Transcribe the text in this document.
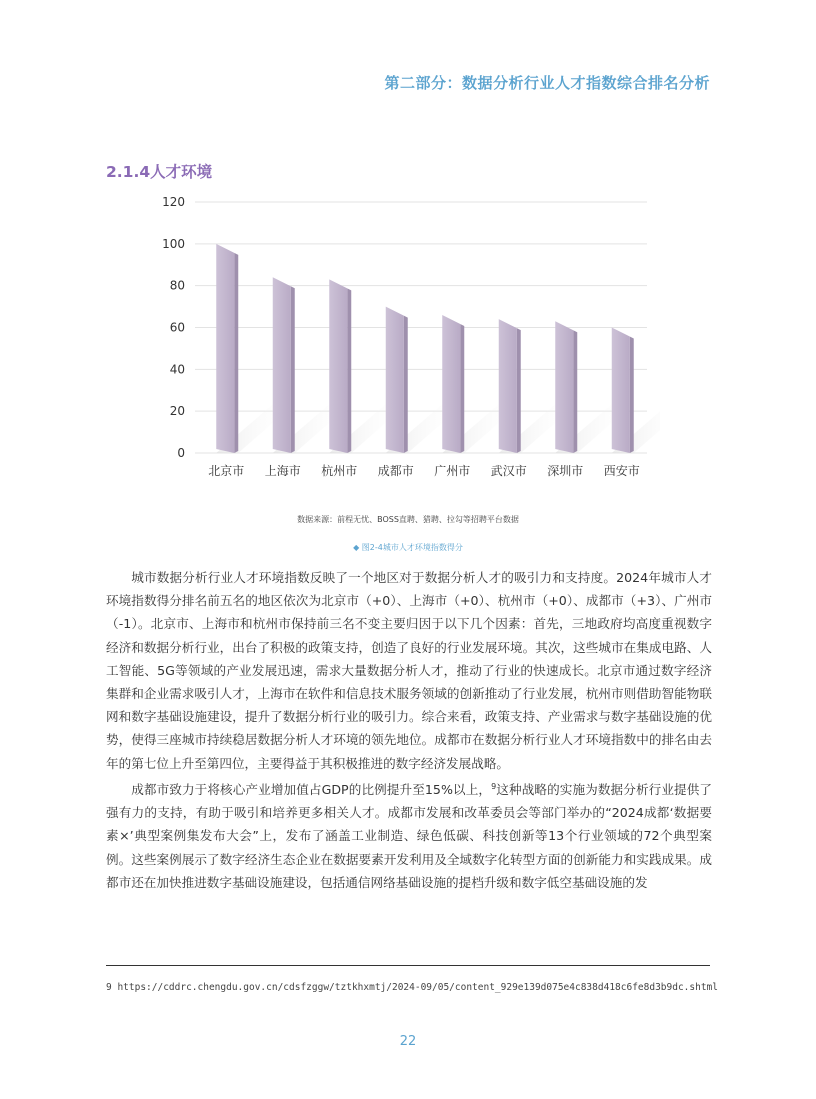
第二部分：数据分析行业人才指数综合排名分析
2.1.4人才环境
0
20
40
60
80
100
120
北京市 上海市 杭州市 成都市 广州市 武汉市 深圳市 西安市
数据来源：前程无忧、BOSS直聘、猎聘、拉勾等招聘平台数据
◆ 图2-4城市人才环境指数得分

城市数据分析行业人才环境指数反映了一个地区对于数据分析人才的吸引力和支持度。2024年城市人才环境指数得分排名前五名的地区依次为北京市（+0）、上海市（+0）、杭州市（+0）、成都市（+3）、广州市（-1）。北京市、上海市和杭州市保持前三名不变主要归因于以下几个因素：首先，三地政府均高度重视数字经济和数据分析行业，出台了积极的政策支持，创造了良好的行业发展环境。其次，这些城市在集成电路、人工智能、5G等领域的产业发展迅速，需求大量数据分析人才，推动了行业的快速成长。北京市通过数字经济集群和企业需求吸引人才，上海市在软件和信息技术服务领域的创新推动了行业发展，杭州市则借助智能物联网和数字基础设施建设，提升了数据分析行业的吸引力。综合来看，政策支持、产业需求与数字基础设施的优势，使得三座城市持续稳居数据分析人才环境的领先地位。成都市在数据分析行业人才环境指数中的排名由去年的第七位上升至第四位，主要得益于其积极推进的数字经济发展战略。

成都市致力于将核心产业增加值占GDP的比例提升至15%以上，$^9$这种战略的实施为数据分析行业提供了强有力的支持，有助于吸引和培养更多相关人才。成都市发展和改革委员会等部门举办的“2024成都‘数据要素×’典型案例集发布大会”上，发布了涵盖工业制造、绿色低碳、科技创新等13个行业领域的72个典型案例。这些案例展示了数字经济生态企业在数据要素开发利用及全域数字化转型方面的创新能力和实践成果。成都市还在加快推进数字基础设施建设，包括通信网络基础设施的提档升级和数字低空基础设施的发

9 https://cddrc.chengdu.gov.cn/cdsfzggw/tztkhxmtj/2024-09/05/content_929e139d075e4c838d418c6fe8d3b9dc.shtml
22
